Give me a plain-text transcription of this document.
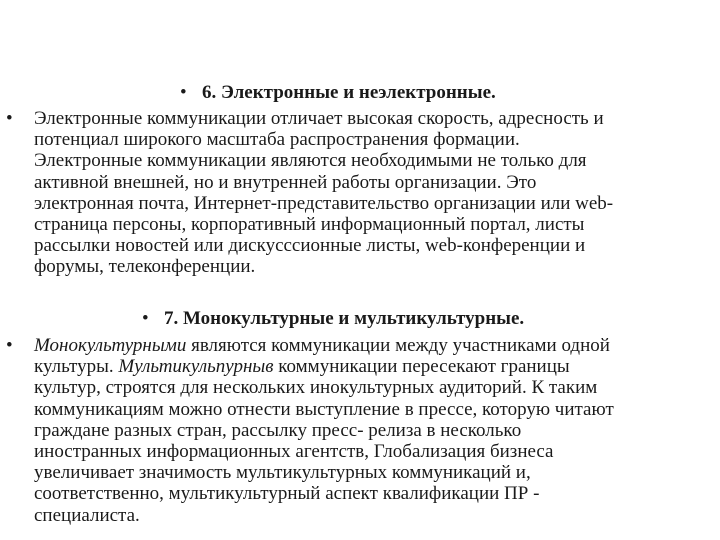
• 6. Электронные и неэлектронные.
• Электронные коммуникации отличает высокая скорость, адресность и
потенциал широкого масштаба распространения формации.
Электронные коммуникации являются необходимыми не только для
активной внешней, но и внутренней работы организации. Это
электронная почта, Интернет-представительство организации или web-
страница персоны, корпоративный информационный портал, листы
рассылки новостей или дискусссионные листы, web-конференции и
форумы, телеконференции.
• 7. Монокультурные и мультикультурные.
• Монокультурными являются коммуникации между участниками одной
культуры. Мультикульпурныв коммуникации пересекают границы
культур, строятся для нескольких инокультурных аудиторий. К таким
коммуникациям можно отнести выступление в прессе, которую читают
граждане разных стран, рассылку пресс- релиза в несколько
иностранных информационных агентств, Глобализация бизнеса
увеличивает значимость мультикультурных коммуникаций и,
соответственно, мультикультурный аспект квалификации ПР -
специалиста.
